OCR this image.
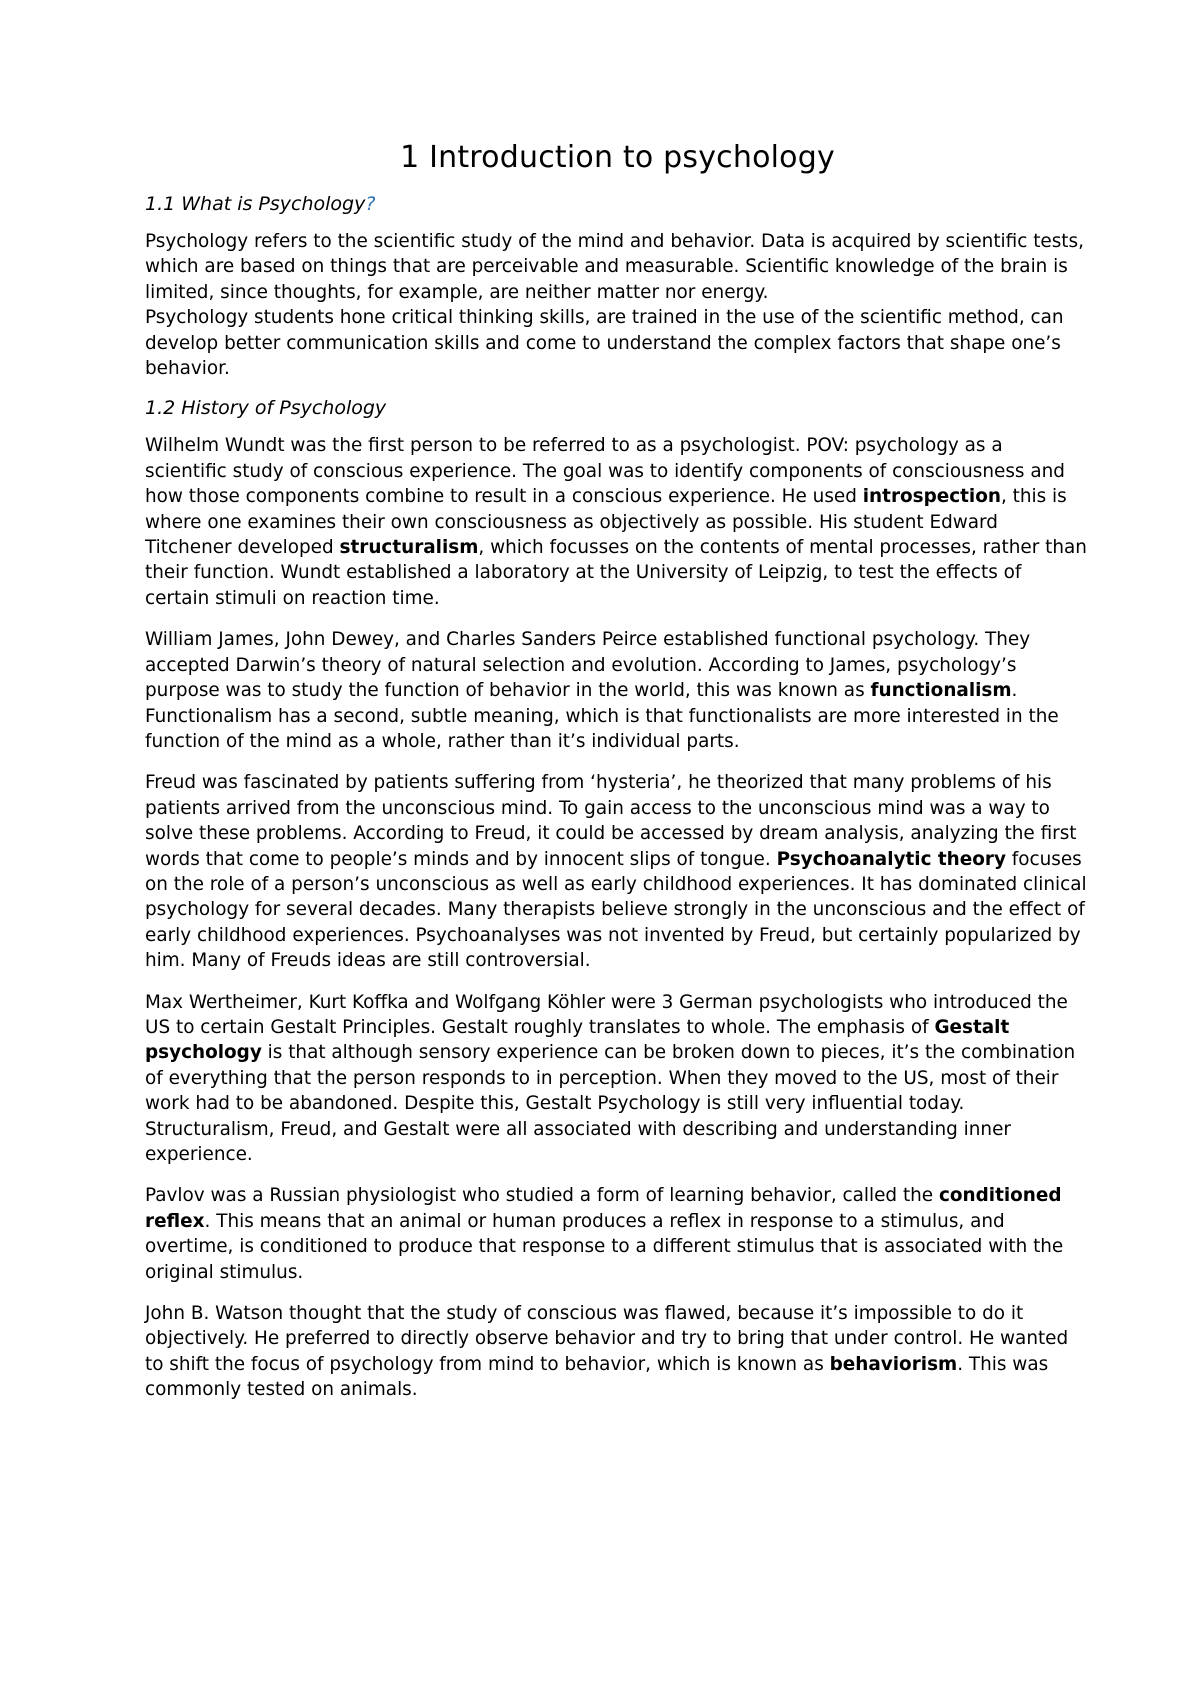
1 Introduction to psychology
1.1 What is Psychology?

Psychology refers to the scientific study of the mind and behavior. Data is acquired by scientific tests, which are based on things that are perceivable and measurable. Scientific knowledge of the brain is limited, since thoughts, for example, are neither matter nor energy.

Psychology students hone critical thinking skills, are trained in the use of the scientific method, can develop better communication skills and come to understand the complex factors that shape one’s behavior.

1.2 History of Psychology

Wilhelm Wundt was the first person to be referred to as a psychologist. POV: psychology as a scientific study of conscious experience. The goal was to identify components of consciousness and how those components combine to result in a conscious experience. He used introspection, this is where one examines their own consciousness as objectively as possible. His student Edward Titchener developed structuralism, which focusses on the contents of mental processes, rather than their function. Wundt established a laboratory at the University of Leipzig, to test the effects of certain stimuli on reaction time.

William James, John Dewey, and Charles Sanders Peirce established functional psychology. They accepted Darwin’s theory of natural selection and evolution. According to James, psychology’s purpose was to study the function of behavior in the world, this was known as functionalism. Functionalism has a second, subtle meaning, which is that functionalists are more interested in the function of the mind as a whole, rather than it’s individual parts.

Freud was fascinated by patients suffering from ‘hysteria’, he theorized that many problems of his patients arrived from the unconscious mind. To gain access to the unconscious mind was a way to solve these problems. According to Freud, it could be accessed by dream analysis, analyzing the first words that come to people’s minds and by innocent slips of tongue. Psychoanalytic theory focuses on the role of a person’s unconscious as well as early childhood experiences. It has dominated clinical psychology for several decades. Many therapists believe strongly in the unconscious and the effect of early childhood experiences. Psychoanalyses was not invented by Freud, but certainly popularized by him. Many of Freuds ideas are still controversial.

Max Wertheimer, Kurt Koffka and Wolfgang Köhler were 3 German psychologists who introduced the US to certain Gestalt Principles. Gestalt roughly translates to whole. The emphasis of Gestalt psychology is that although sensory experience can be broken down to pieces, it’s the combination of everything that the person responds to in perception. When they moved to the US, most of their work had to be abandoned. Despite this, Gestalt Psychology is still very influential today. Structuralism, Freud, and Gestalt were all associated with describing and understanding inner experience.

Pavlov was a Russian physiologist who studied a form of learning behavior, called the conditioned reflex. This means that an animal or human produces a reflex in response to a stimulus, and overtime, is conditioned to produce that response to a different stimulus that is associated with the original stimulus.

John B. Watson thought that the study of conscious was flawed, because it’s impossible to do it objectively. He preferred to directly observe behavior and try to bring that under control. He wanted to shift the focus of psychology from mind to behavior, which is known as behaviorism. This was commonly tested on animals.
